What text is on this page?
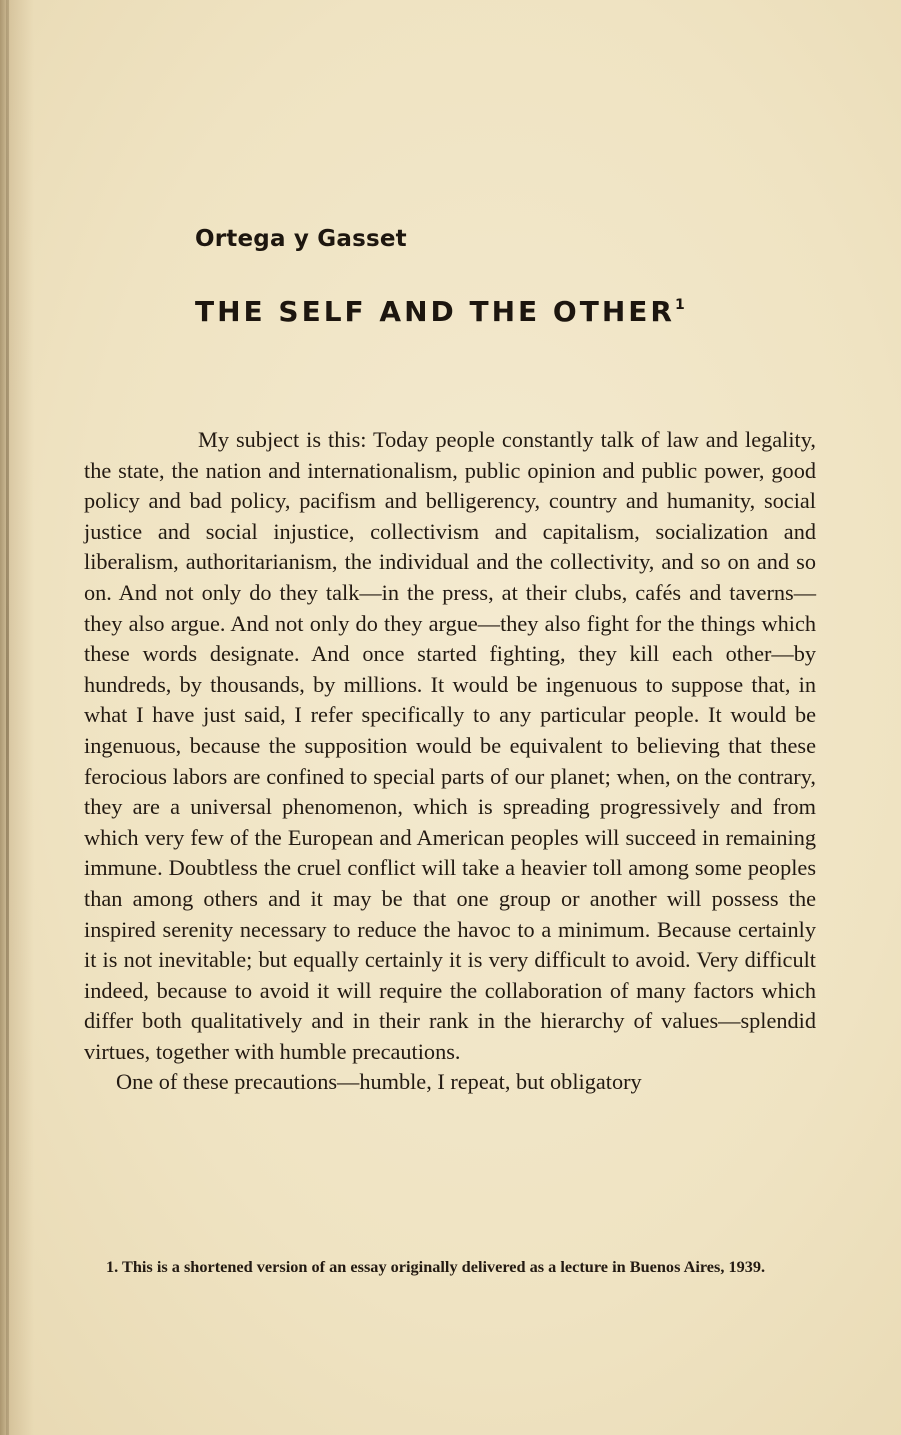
Ortega y Gasset
THE SELF AND THE OTHER$^1$

My subject is this: Today people constantly talk of law and legality, the state, the nation and internationalism, public opinion and public power, good policy and bad policy, pacifism and belligerency, country and humanity, social justice and social injustice, collectivism and capitalism, socialization and liberalism, authoritarianism, the individual and the collectivity, and so on and so on. And not only do they talk—in the press, at their clubs, cafés and taverns—they also argue. And not only do they argue—they also fight for the things which these words designate. And once started fighting, they kill each other—by hundreds, by thousands, by millions. It would be ingenuous to suppose that, in what I have just said, I refer specifically to any particular people. It would be ingenuous, because the supposition would be equivalent to believing that these ferocious labors are confined to special parts of our planet; when, on the contrary, they are a universal phenomenon, which is spreading progressively and from which very few of the European and American peoples will succeed in remaining immune. Doubtless the cruel conflict will take a heavier toll among some peoples than among others and it may be that one group or another will possess the inspired serenity necessary to reduce the havoc to a minimum. Because certainly it is not inevitable; but equally certainly it is very difficult to avoid. Very difficult indeed, because to avoid it will require the collaboration of many factors which differ both qualitatively and in their rank in the hierarchy of values—splendid virtues, together with humble precautions.

One of these precautions—humble, I repeat, but obligatory

1. This is a shortened version of an essay originally delivered as a lecture in Buenos Aires, 1939.
